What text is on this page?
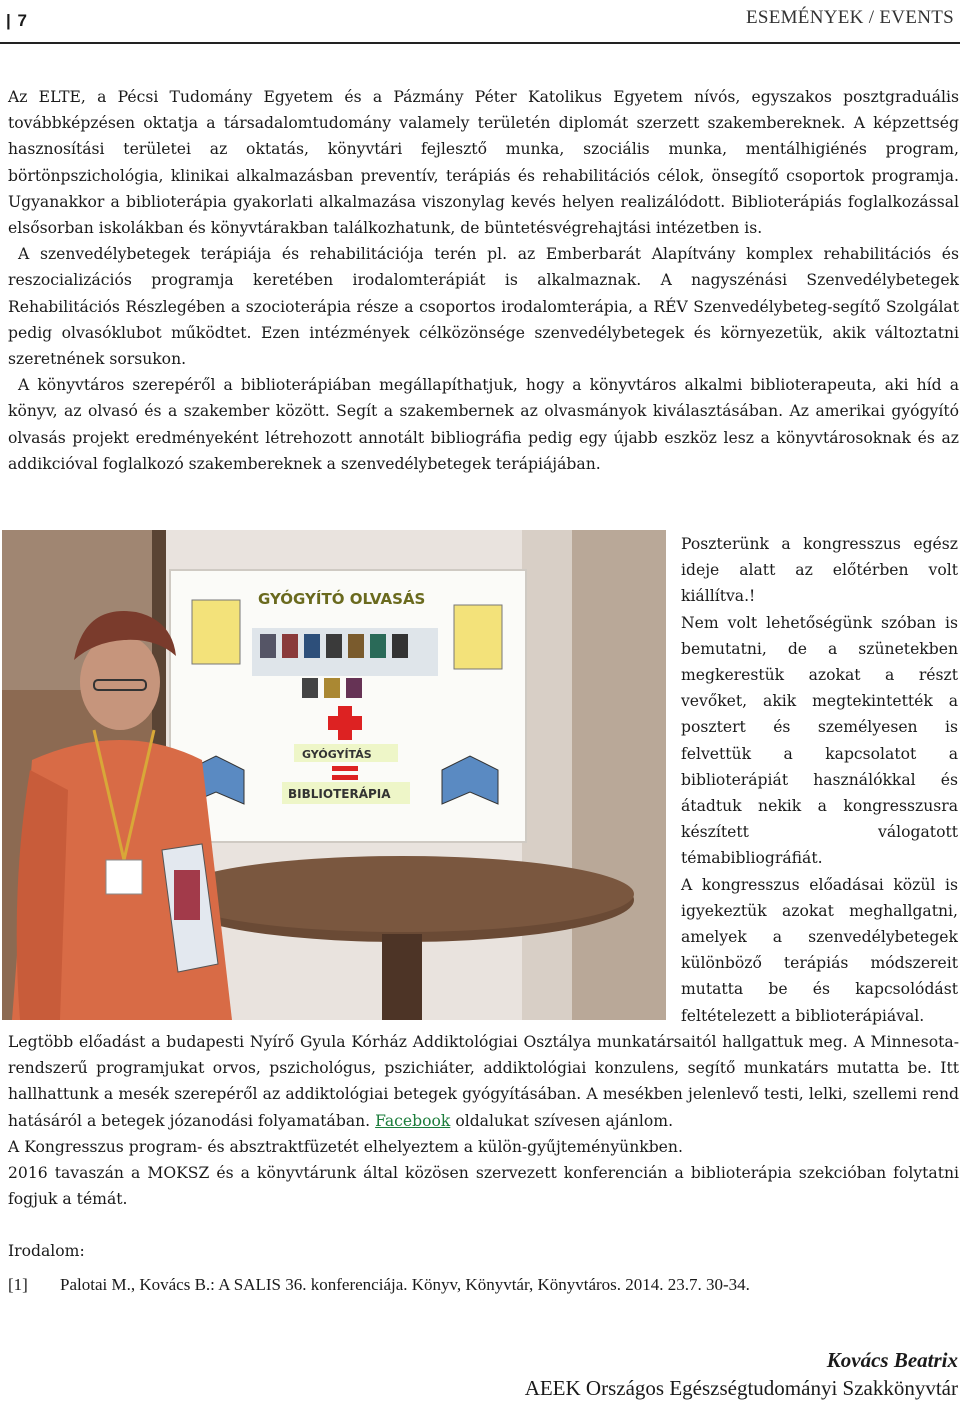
| 7	ESEMÉNYEK / EVENTS

Az ELTE, a Pécsi Tudomány Egyetem és a Pázmány Péter Katolikus Egyetem nívós, egyszakos posztgraduális továbbképzésen oktatja a társadalomtudomány valamely területén diplomát szerzett szakembereknek. A képzettség hasznosítási területei az oktatás, könyvtári fejlesztő munka, szociális munka, mentálhigiénés program, börtönpszichológia, klinikai alkalmazásban preventív, terápiás és rehabilitációs célok, önsegítő csoportok programja. Ugyanakkor a biblioterápia gyakorlati alkalmazása viszonylag kevés helyen realizálódott. Biblioterápiás foglalkozással elsősorban iskolákban és könyvtárakban találkozhatunk, de büntetésvégrehajtási intézetben is.

A szenvedélybetegek terápiája és rehabilitációja terén pl. az Emberbarát Alapítvány komplex rehabilitációs és reszocializációs programja keretében irodalomterápiát is alkalmaznak. A nagyszénási Szenvedélybetegek Rehabilitációs Részlegében a szocioterápia része a csoportos irodalomterápia, a RÉV Szenvedélybeteg-segítő Szolgálat pedig olvasóklubot működtet. Ezen intézmények célközönsége szenvedélybetegek és környezetük, akik változtatni szeretnének sorsukon.

A könyvtáros szerepéről a biblioterápiában megállapíthatjuk, hogy a könyvtáros alkalmi biblioterapeuta, aki híd a könyv, az olvasó és a szakember között. Segít a szakembernek az olvasmányok kiválasztásában. Az amerikai gyógyító olvasás projekt eredményeként létrehozott annotált bibliográfia pedig egy újabb eszköz lesz a könyvtárosoknak és az addikcióval foglalkozó szakembereknek a szenvedélybetegek terápiájában.

GYÓGYÍTÓ OLVASÁS
GYÓGYÍTÁS
BIBLIOTERÁPIA

Poszterünk a kongresszus egész ideje alatt az előtérben volt kiállítva.!

Nem volt lehetőségünk szóban is bemutatni, de a szünetekben megkerestük azokat a részt vevőket, akik megtekintették a posztert és személyesen is felvettük a kapcsolatot a biblioterápiát használókkal és átadtuk nekik a kongresszusra készített válogatott témabibliográfiát.

A kongresszus előadásai közül is igyekeztük azokat meghallgatni, amelyek a szenvedélybetegek különböző terápiás módszereit mutatta be és kapcsolódást feltételezett a biblioterápiával.

Legtöbb előadást a budapesti Nyírő Gyula Kórház Addiktológiai Osztálya munkatársaitól hallgattuk meg. A Minnesota-rendszerű programjukat orvos, pszichológus, pszichiáter, addiktológiai konzulens, segítő munkatárs mutatta be. Itt hallhattunk a mesék szerepéről az addiktológiai betegek gyógyításában. A mesékben jelenlevő testi, lelki, szellemi rend hatásáról a betegek józanodási folyamatában. Facebook oldalukat szívesen ajánlom.

A Kongresszus program- és absztraktfüzetét elhelyeztem a külön-gyűjteményünkben.

2016 tavaszán a MOKSZ és a könyvtárunk által közösen szervezett konferencián a biblioterápia szekcióban folytatni fogjuk a témát.

Irodalom:

[1]	Palotai M., Kovács B.: A SALIS 36. konferenciája. Könyv, Könyvtár, Könyvtáros. 2014. 23.7. 30-34.
Kovács Beatrix
AEEK Országos Egészségtudományi Szakkönyvtár
